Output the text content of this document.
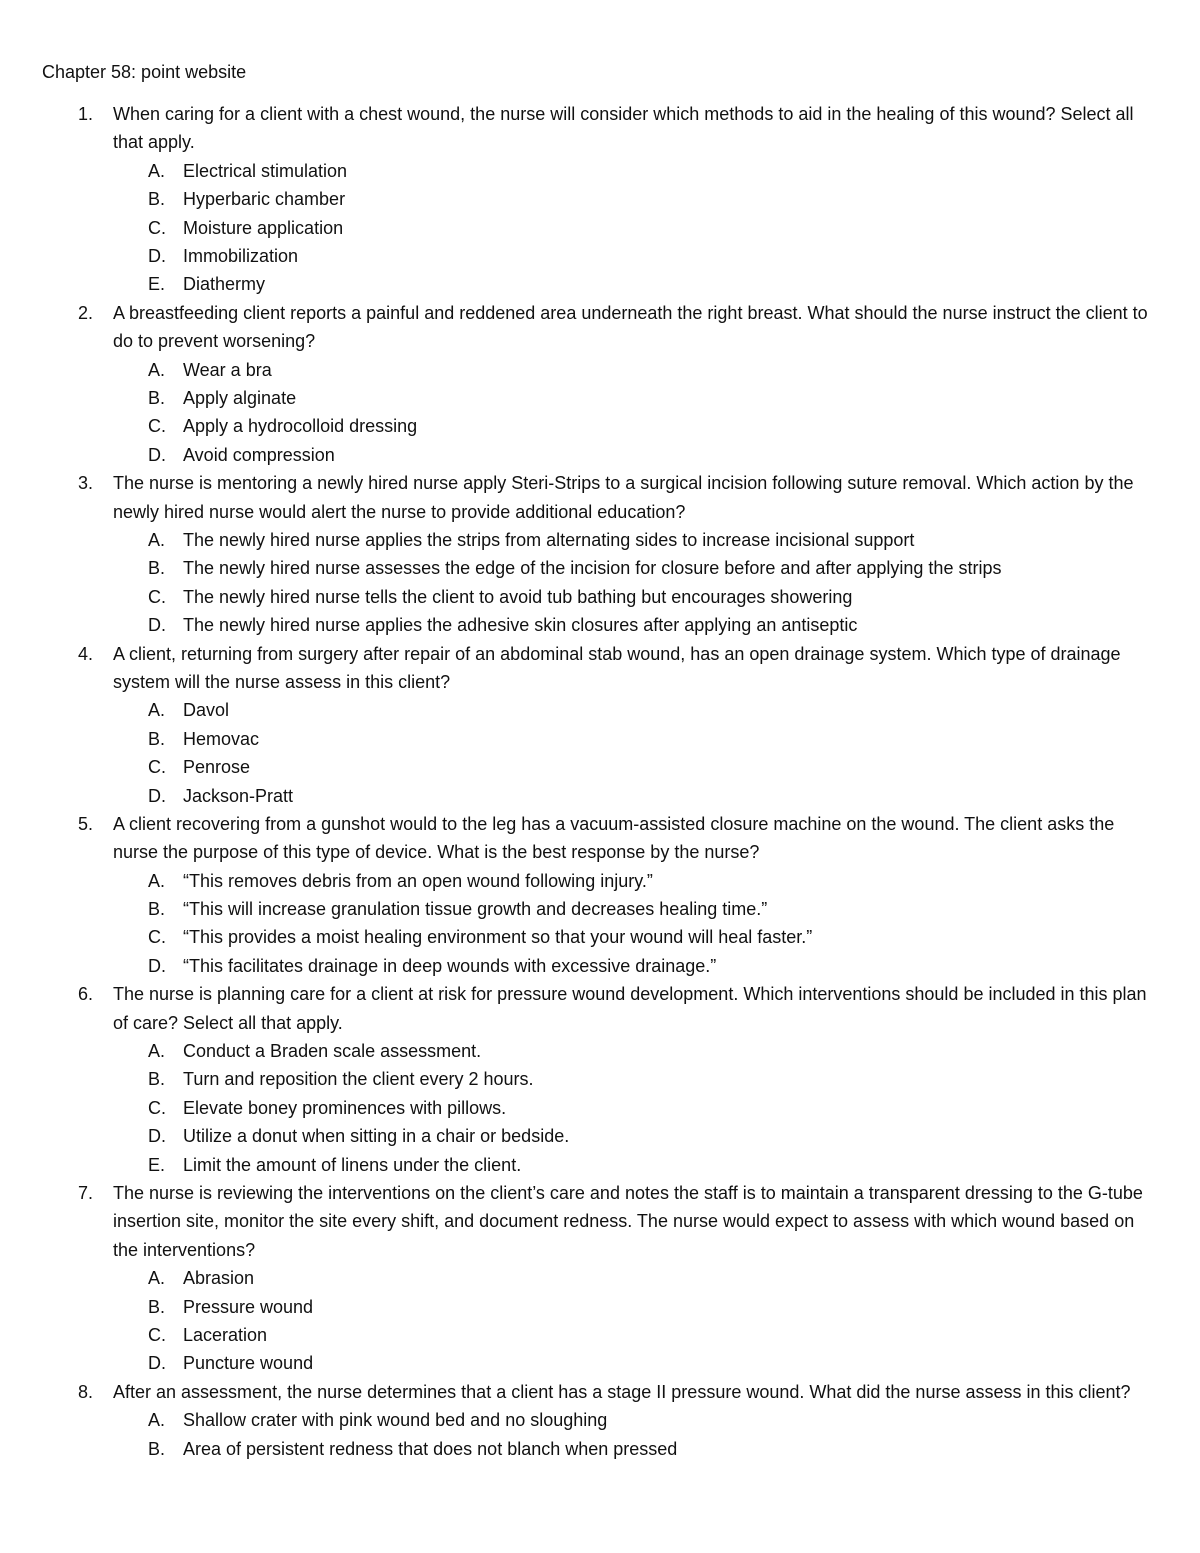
Chapter 58: point website
1.	When caring for a client with a chest wound, the nurse will consider which methods to aid in the healing of this wound? Select all that apply.
A. Electrical stimulation
B. Hyperbaric chamber
C. Moisture application
D. Immobilization
E. Diathermy
2.	A breastfeeding client reports a painful and reddened area underneath the right breast. What should the nurse instruct the client to do to prevent worsening?
A. Wear a bra
B. Apply alginate
C. Apply a hydrocolloid dressing
D. Avoid compression
3.	The nurse is mentoring a newly hired nurse apply Steri-Strips to a surgical incision following suture removal. Which action by the newly hired nurse would alert the nurse to provide additional education?
A. The newly hired nurse applies the strips from alternating sides to increase incisional support
B. The newly hired nurse assesses the edge of the incision for closure before and after applying the strips
C. The newly hired nurse tells the client to avoid tub bathing but encourages showering
D. The newly hired nurse applies the adhesive skin closures after applying an antiseptic
4.	A client, returning from surgery after repair of an abdominal stab wound, has an open drainage system. Which type of drainage system will the nurse assess in this client?
A. Davol
B. Hemovac
C. Penrose
D. Jackson-Pratt
5.	A client recovering from a gunshot would to the leg has a vacuum-assisted closure machine on the wound. The client asks the nurse the purpose of this type of device. What is the best response by the nurse?
A. “This removes debris from an open wound following injury.”
B. “This will increase granulation tissue growth and decreases healing time.”
C. “This provides a moist healing environment so that your wound will heal faster.”
D. “This facilitates drainage in deep wounds with excessive drainage.”
6.	The nurse is planning care for a client at risk for pressure wound development. Which interventions should be included in this plan of care? Select all that apply.
A. Conduct a Braden scale assessment.
B. Turn and reposition the client every 2 hours.
C. Elevate boney prominences with pillows.
D. Utilize a donut when sitting in a chair or bedside.
E. Limit the amount of linens under the client.
7.	The nurse is reviewing the interventions on the client’s care and notes the staff is to maintain a transparent dressing to the G-tube insertion site, monitor the site every shift, and document redness. The nurse would expect to assess with which wound based on the interventions?
A. Abrasion
B. Pressure wound
C. Laceration
D. Puncture wound
8.	After an assessment, the nurse determines that a client has a stage II pressure wound. What did the nurse assess in this client?
A. Shallow crater with pink wound bed and no sloughing
B. Area of persistent redness that does not blanch when pressed
